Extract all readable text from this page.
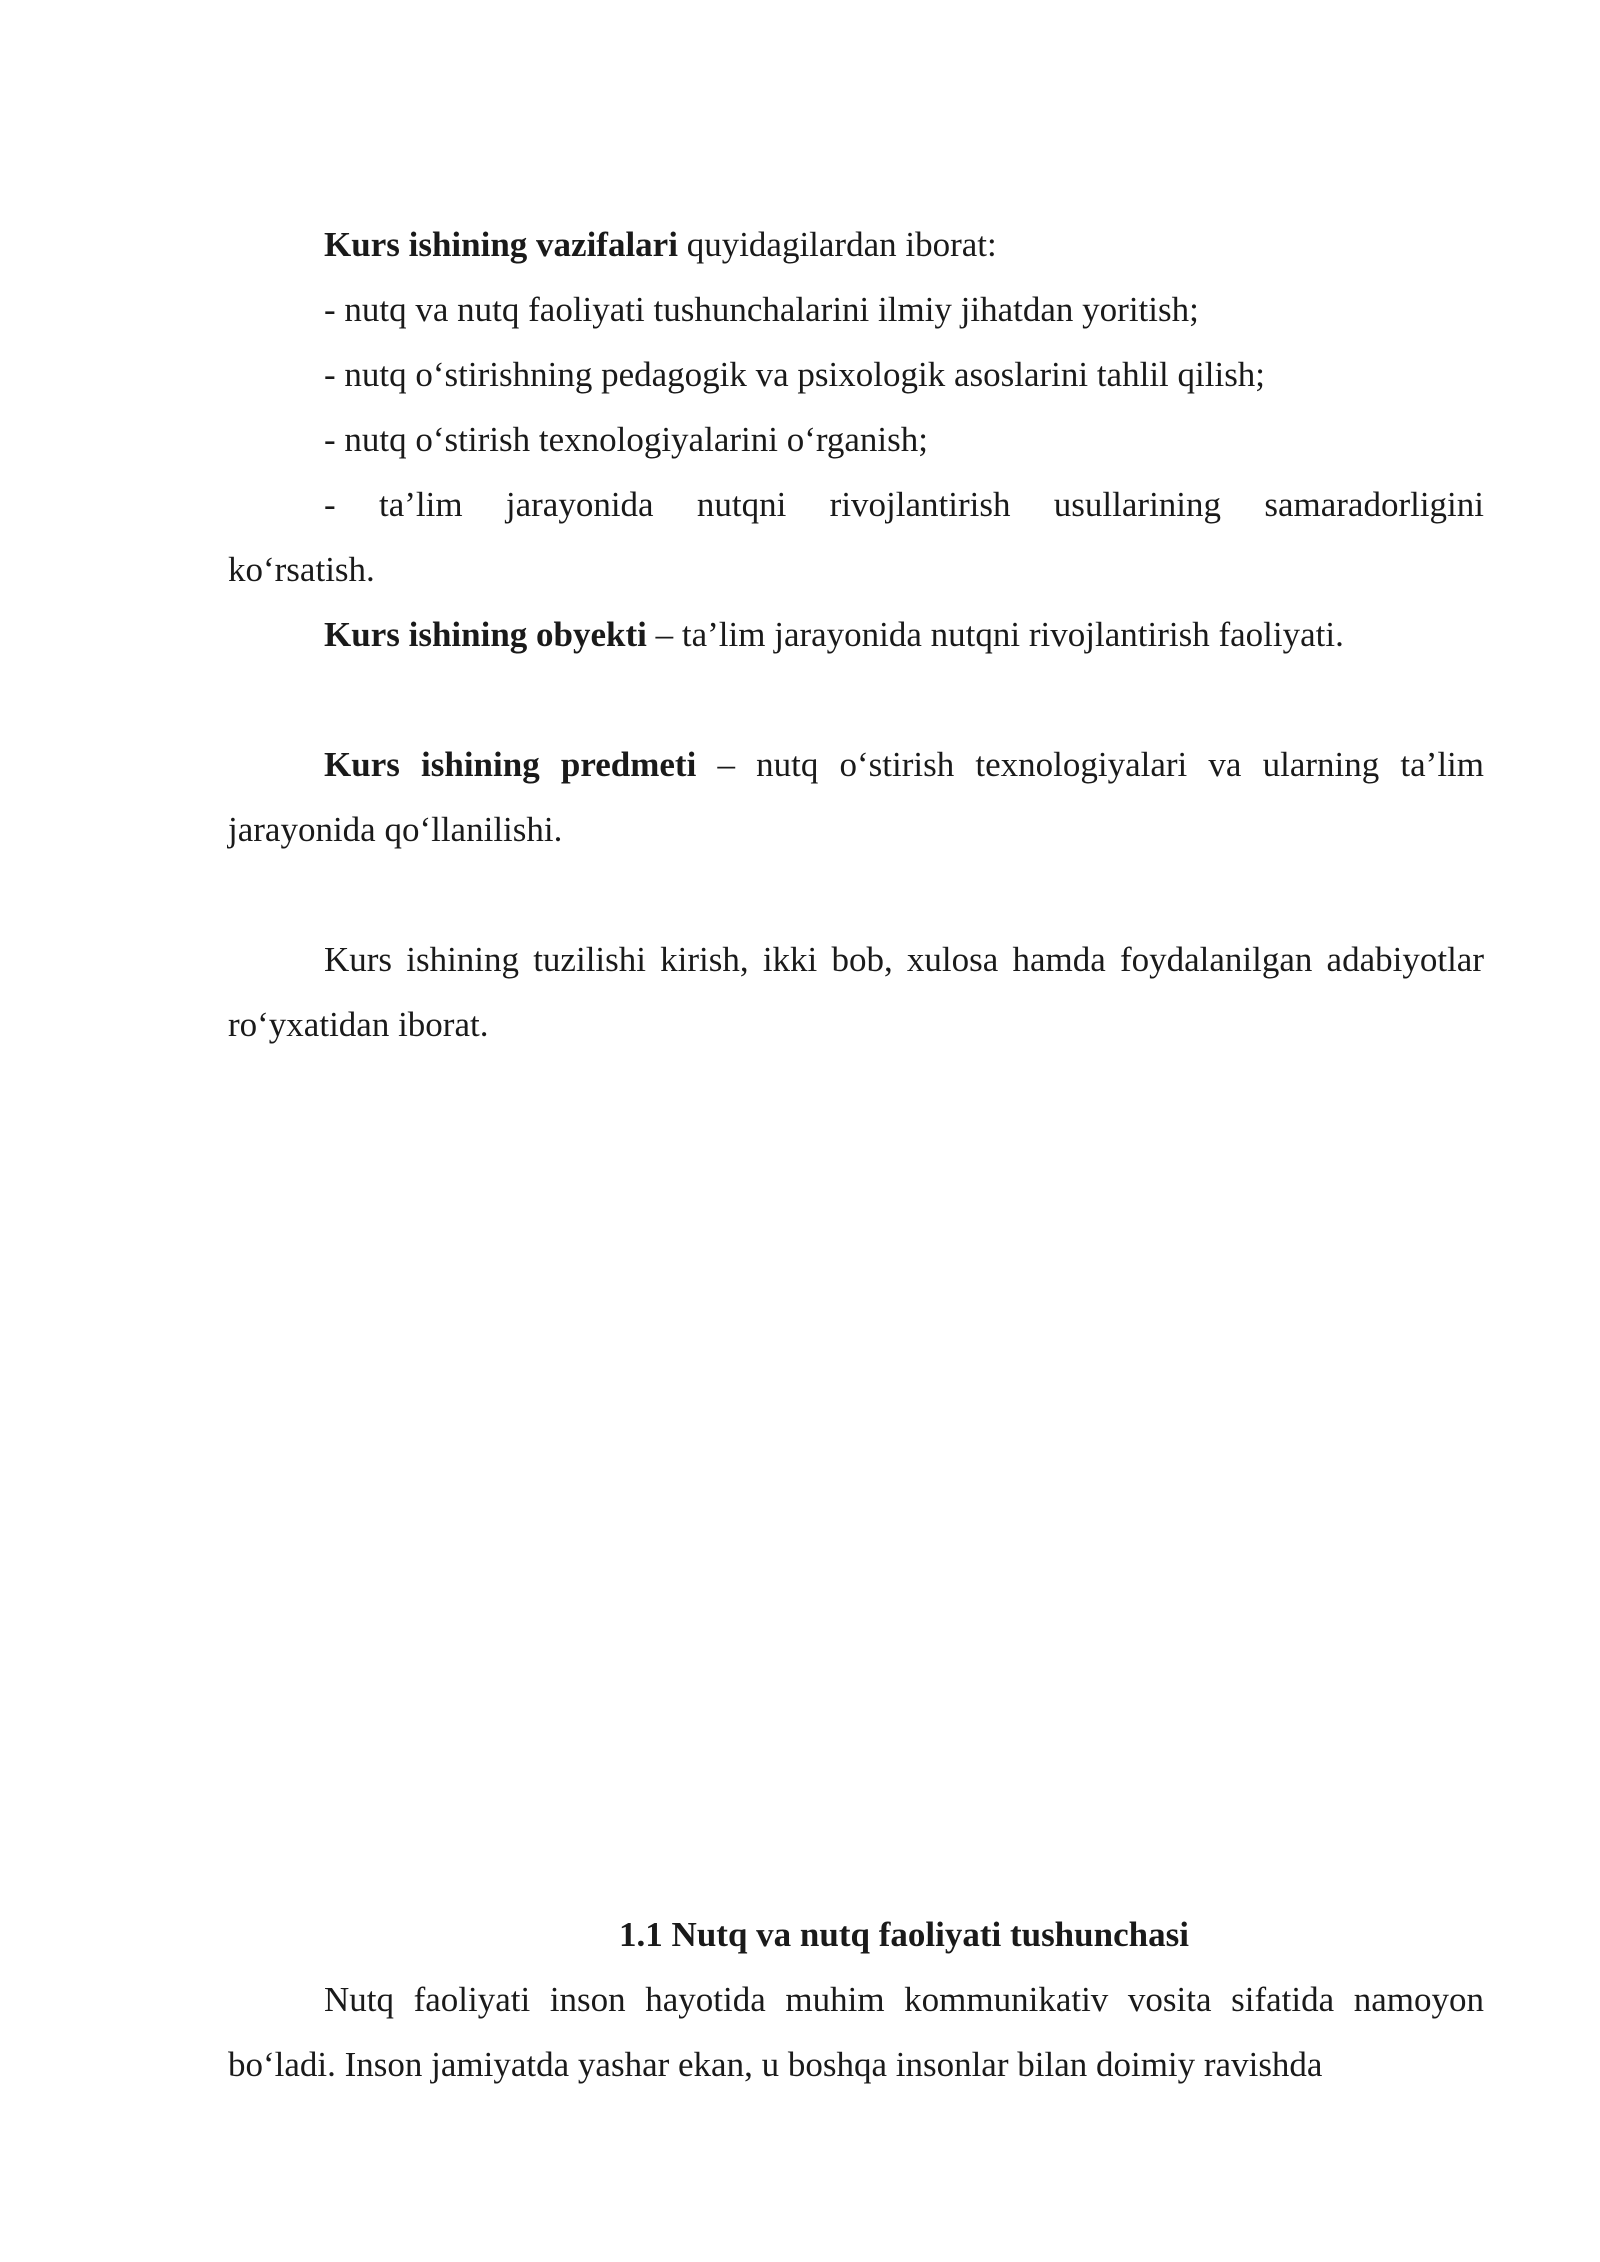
Kurs ishining vazifalari quyidagilardan iborat:

- nutq va nutq faoliyati tushunchalarini ilmiy jihatdan yoritish;

- nutq o‘stirishning pedagogik va psixologik asoslarini tahlil qilish;

- nutq o‘stirish texnologiyalarini o‘rganish;

- ta’lim jarayonida nutqni rivojlantirish usullarining samaradorligini

ko‘rsatish.

Kurs ishining obyekti – ta’lim jarayonida nutqni rivojlantirish faoliyati.

Kurs ishining predmeti – nutq o‘stirish texnologiyalari va ularning ta’lim jarayonida qo‘llanilishi.

Kurs ishining tuzilishi kirish, ikki bob, xulosa hamda foydalanilgan adabiyotlar ro‘yxatidan iborat.

1.1 Nutq va nutq faoliyati tushunchasi

Nutq faoliyati inson hayotida muhim kommunikativ vosita sifatida namoyon bo‘ladi. Inson jamiyatda yashar ekan, u boshqa insonlar bilan doimiy ravishda
